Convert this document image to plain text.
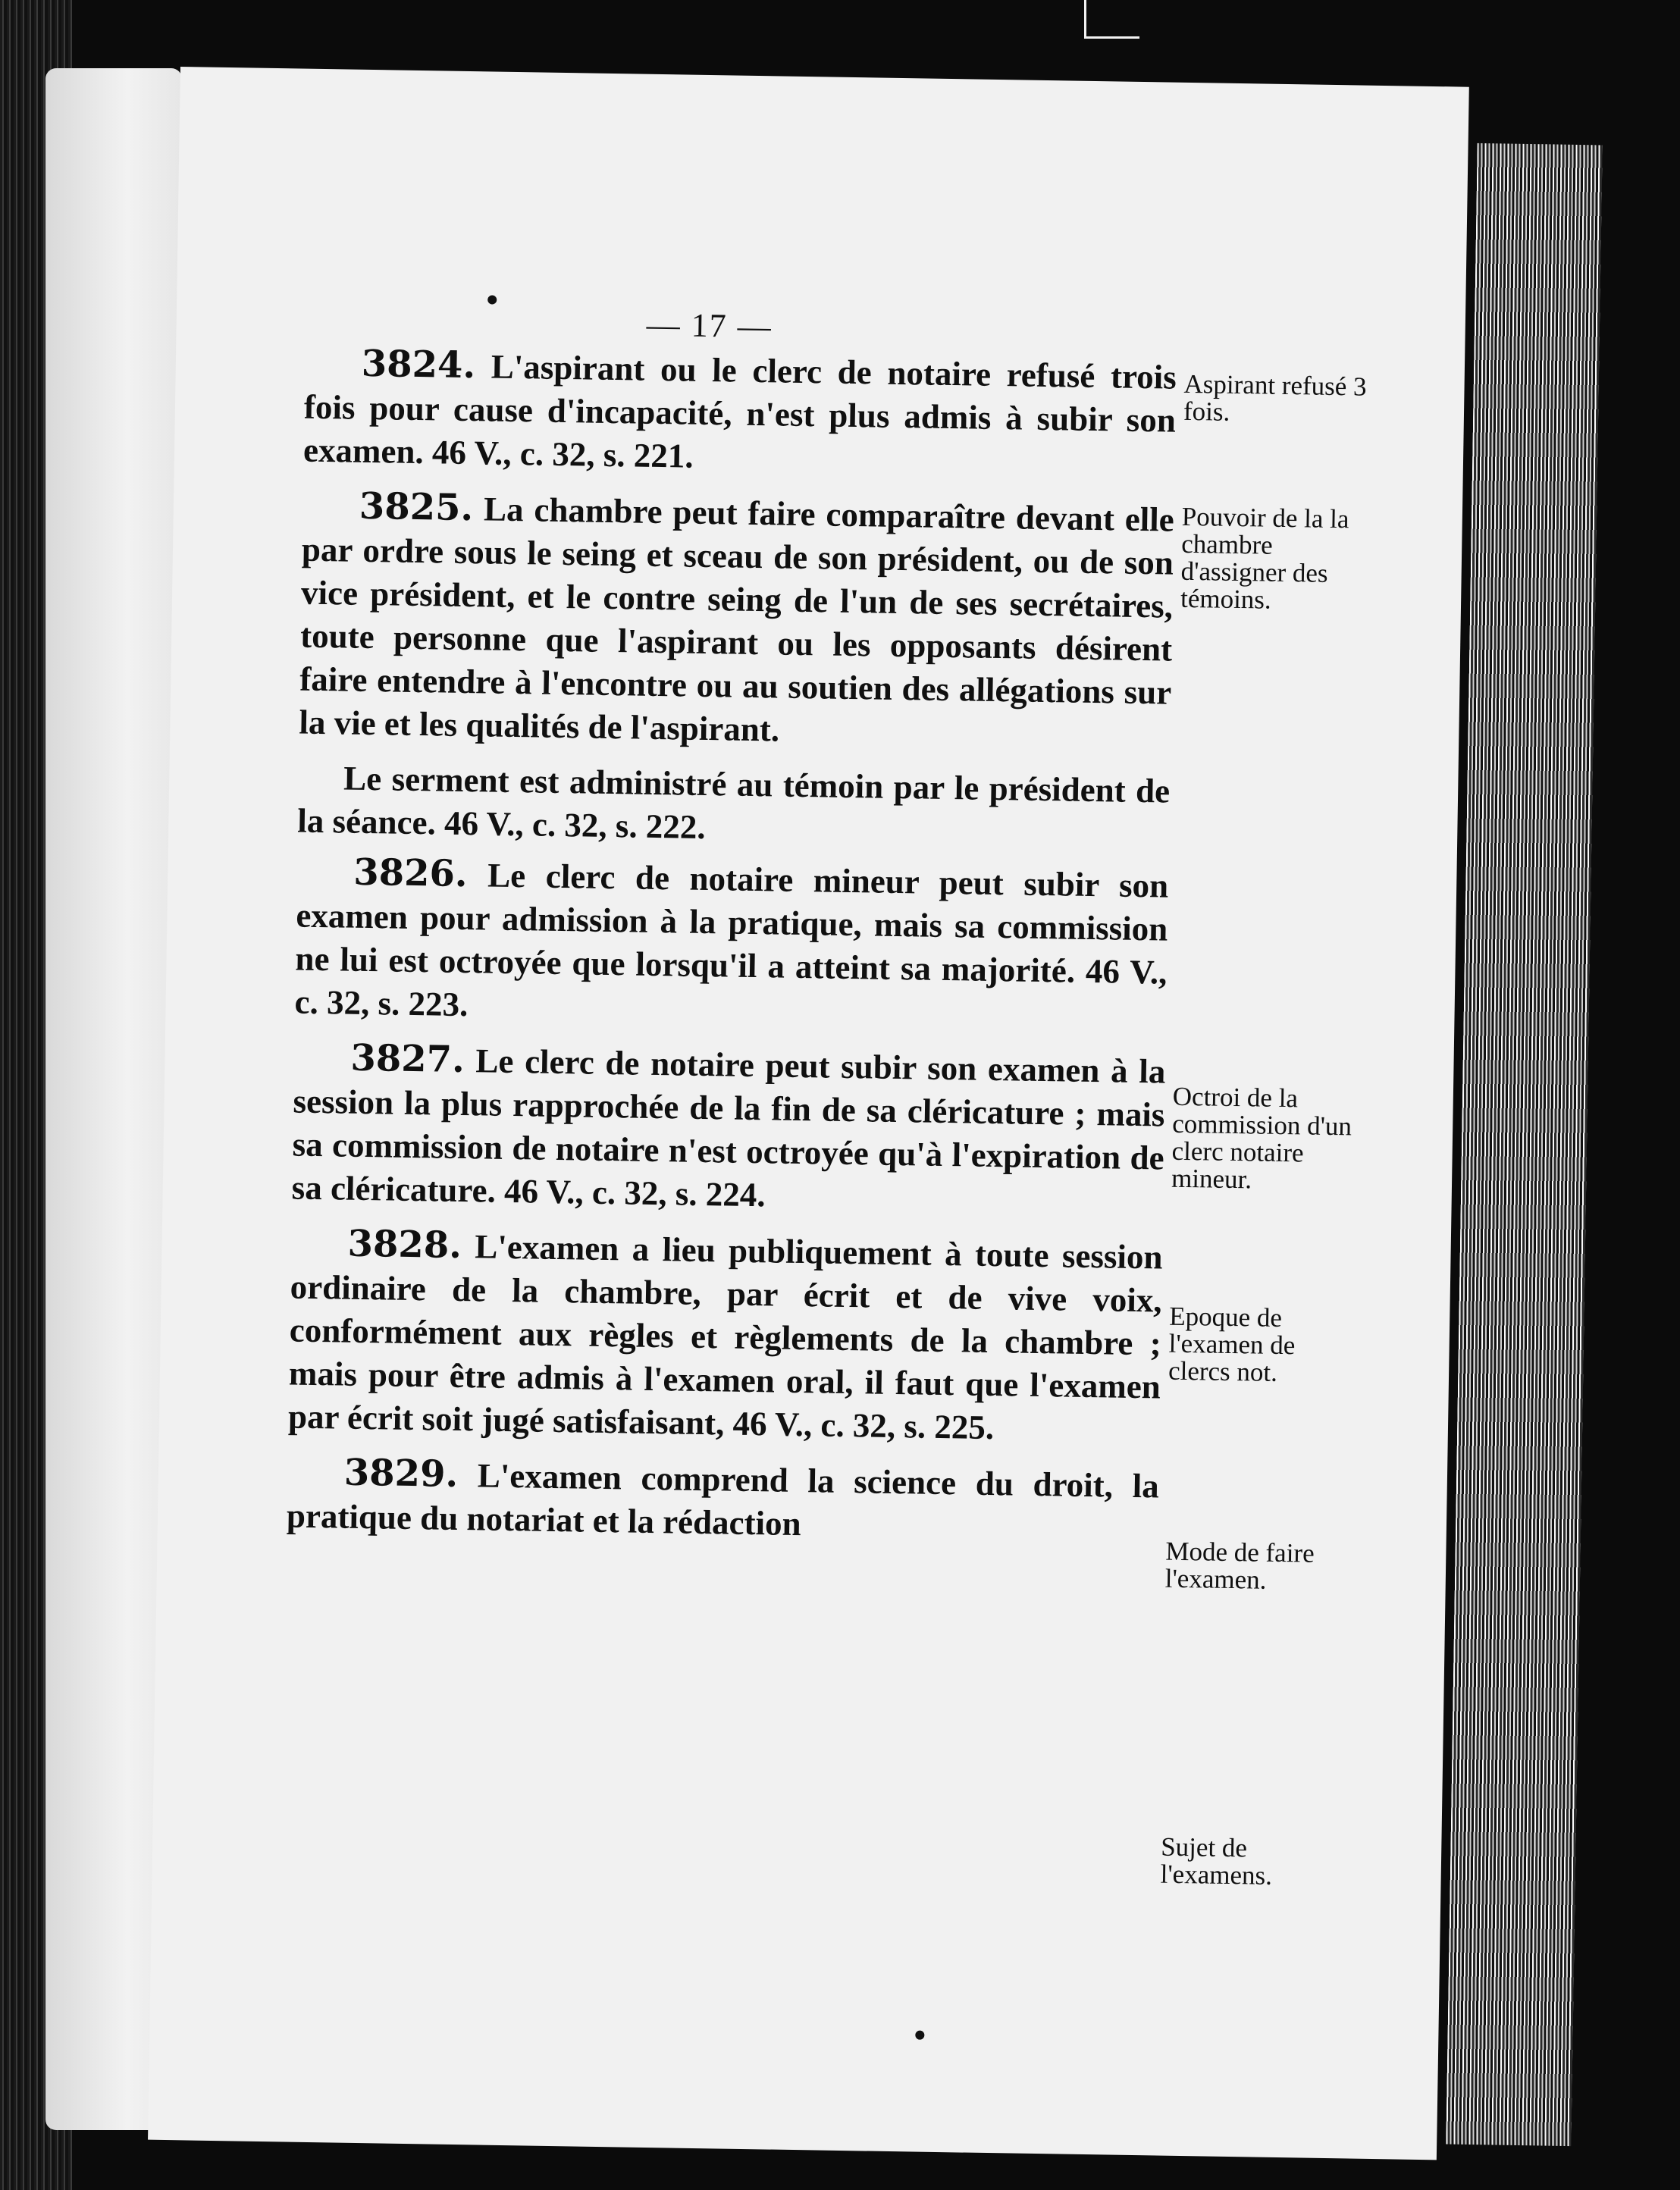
— 17 —

3824. L'aspirant ou le clerc de notaire refusé trois fois pour cause d'incapacité, n'est plus admis à subir son examen. 46 V., c. 32, s. 221.

3825. La chambre peut faire comparaître devant elle par ordre sous le seing et sceau de son président, ou de son vice président, et le contre seing de l'un de ses secrétaires, toute personne que l'aspirant ou les opposants désirent faire entendre à l'encontre ou au soutien des allégations sur la vie et les qualités de l'aspirant.

Le serment est administré au témoin par le président de la séance. 46 V., c. 32, s. 222.

3826. Le clerc de notaire mineur peut subir son examen pour admission à la pratique, mais sa commission ne lui est octroyée que lorsqu'il a atteint sa majorité. 46 V., c. 32, s. 223.

3827. Le clerc de notaire peut subir son examen à la session la plus rapprochée de la fin de sa cléricature ; mais sa commission de notaire n'est octroyée qu'à l'expiration de sa cléricature. 46 V., c. 32, s. 224.

3828. L'examen a lieu publiquement à toute session ordinaire de la chambre, par écrit et de vive voix, conformément aux règles et règlements de la chambre ; mais pour être admis à l'examen oral, il faut que l'examen par écrit soit jugé satisfaisant, 46 V., c. 32, s. 225.

3829. L'examen comprend la science du droit, la pratique du notariat et la rédaction

Aspirant refusé 3 fois.
Pouvoir de la la chambre d'assigner des témoins.
Octroi de la commission d'un clerc notaire mineur.
Epoque de l'examen de clercs not.
Mode de faire l'examen.
Sujet de l'examens.
